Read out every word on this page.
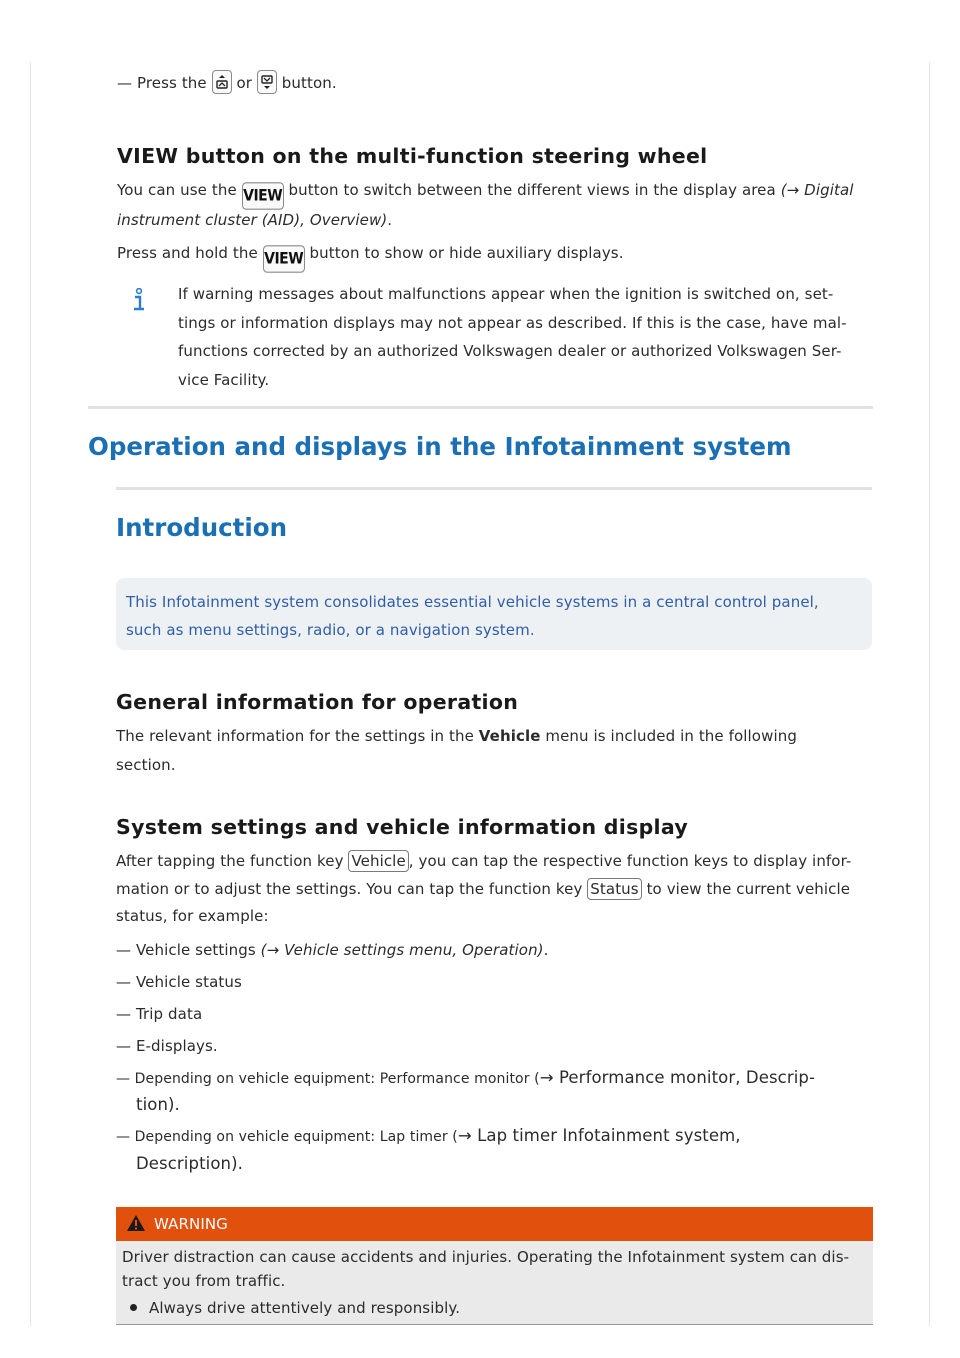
— Press the or button.
VIEW button on the multi-function steering wheel
You can use the VIEW button to switch between the different views in the display area (→ Digital
instrument cluster (AID), Overview).
Press and hold the VIEW button to show or hide auxiliary displays.
If warning messages about malfunctions appear when the ignition is switched on, set-
tings or information displays may not appear as described. If this is the case, have mal-
functions corrected by an authorized Volkswagen dealer or authorized Volkswagen Ser-
vice Facility.
Operation and displays in the Infotainment system
Introduction
This Infotainment system consolidates essential vehicle systems in a central control panel,
such as menu settings, radio, or a navigation system.
General information for operation
The relevant information for the settings in the Vehicle menu is included in the following
section.
System settings and vehicle information display
After tapping the function key Vehicle , you can tap the respective function keys to display infor-
mation or to adjust the settings. You can tap the function key Status to view the current vehicle
status, for example:
— Vehicle settings (→ Vehicle settings menu, Operation).
— Vehicle status
— Trip data
— E-displays.
— Depending on vehicle equipment: Performance monitor (→ Performance monitor, Descrip-
tion).
— Depending on vehicle equipment: Lap timer (→ Lap timer Infotainment system,
Description).
WARNING
Driver distraction can cause accidents and injuries. Operating the Infotainment system can dis-
tract you from traffic.
Always drive attentively and responsibly.
